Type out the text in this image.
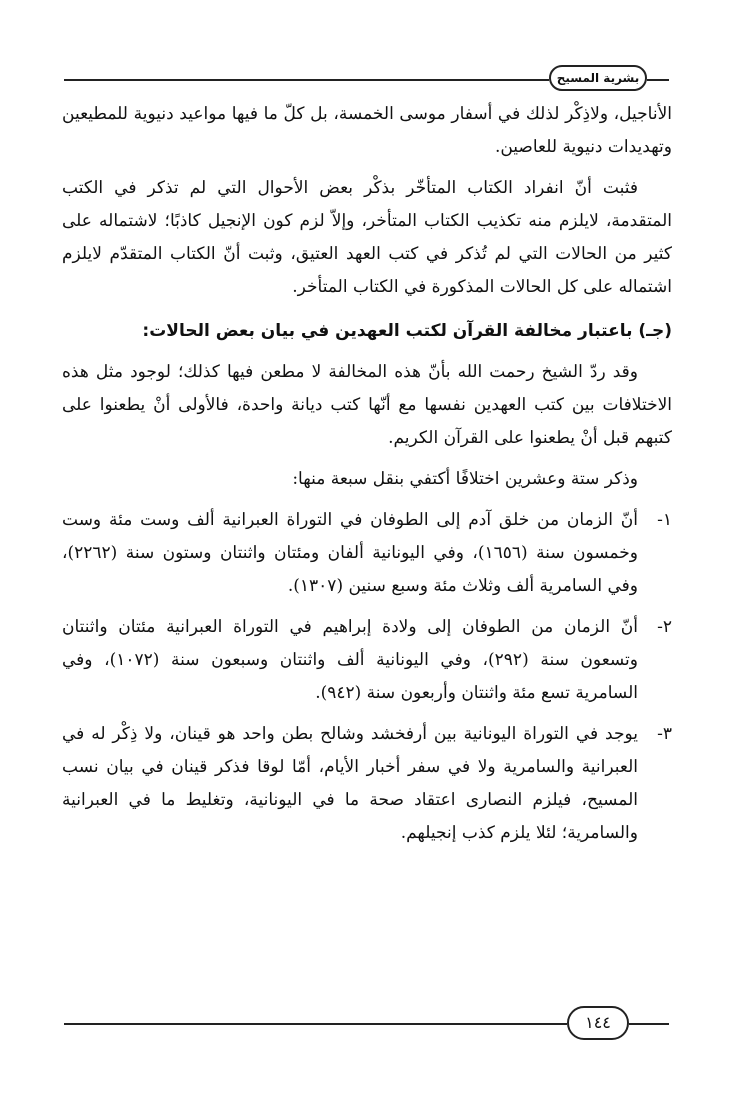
بشرية المسيح

الأناجيل، ولاذِكْر لذلك في أسفار موسى الخمسة، بل كلّ ما فيها مواعيد دنيوية للمطيعين وتهديدات دنيوية للعاصين.

فثبت أنّ انفراد الكتاب المتأخّر بذكْر بعض الأحوال التي لم تذكر في الكتب المتقدمة، لايلزم منه تكذيب الكتاب المتأخر، وإلاّ لزم كون الإنجيل كاذبًا؛ لاشتماله على كثير من الحالات التي لم تُذكر في كتب العهد العتيق، وثبت أنّ الكتاب المتقدّم لايلزم اشتماله على كل الحالات المذكورة في الكتاب المتأخر.

(جـ) باعتبار مخالفة القرآن لكتب العهدين في بيان بعض الحالات:

وقد ردّ الشيخ رحمت الله بأنّ هذه المخالفة لا مطعن فيها كذلك؛ لوجود مثل هذه الاختلافات بين كتب العهدين نفسها مع أنّها كتب ديانة واحدة، فالأولى أنْ يطعنوا على كتبهم قبل أنْ يطعنوا على القرآن الكريم.

وذكر ستة وعشرين اختلافًا أكتفي بنقل سبعة منها:

١-
أنّ الزمان من خلق آدم إلى الطوفان في التوراة العبرانية ألف وست مئة وست وخمسون سنة (١٦٥٦)، وفي اليونانية ألفان ومئتان واثنتان وستون سنة (٢٢٦٢)، وفي السامرية ألف وثلاث مئة وسبع سنين (١٣٠٧).
٢-
أنّ الزمان من الطوفان إلى ولادة إبراهيم في التوراة العبرانية مئتان واثنتان وتسعون سنة (٢٩٢)، وفي اليونانية ألف واثنتان وسبعون سنة (١٠٧٢)، وفي السامرية تسع مئة واثنتان وأربعون سنة (٩٤٢).
٣-
يوجد في التوراة اليونانية بين أرفخشد وشالح بطن واحد هو قينان، ولا ذِكْر له في العبرانية والسامرية ولا في سفر أخبار الأيام، أمّا لوقا فذكر قينان في بيان نسب المسيح، فيلزم النصارى اعتقاد صحة ما في اليونانية، وتغليط ما في العبرانية والسامرية؛ لئلا يلزم كذب إنجيلهم.
١٤٤
